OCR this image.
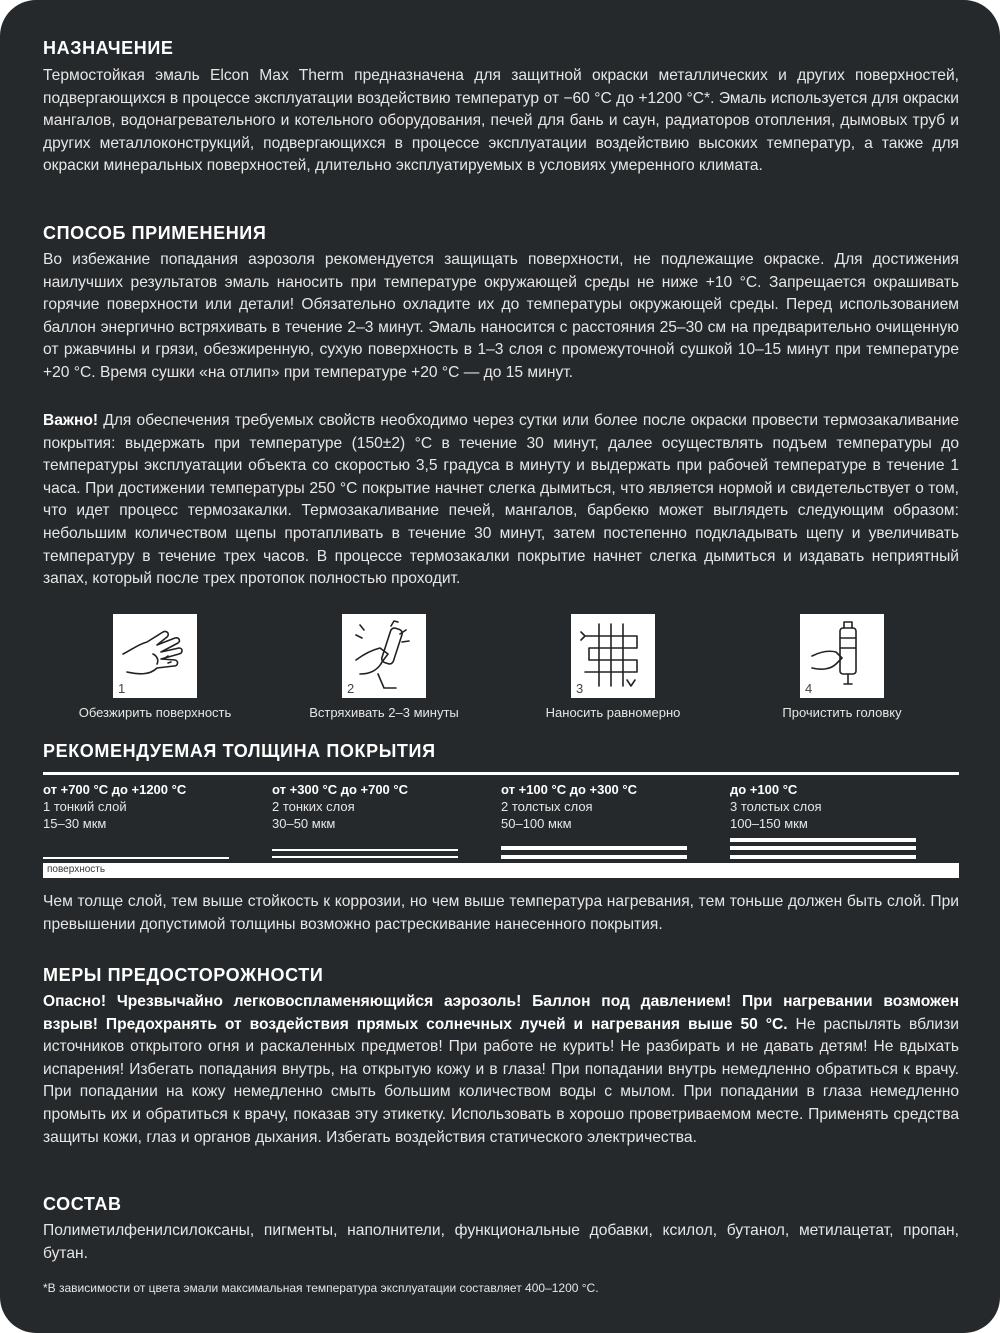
НАЗНАЧЕНИЕ

Термостойкая эмаль Elcon Max Therm предназначена для защитной окраски металлических и других поверхностей, подвергающихся в процессе эксплуатации воздействию температур от −60 °C до +1200 °C*. Эмаль используется для окраски мангалов, водонагревательного и котельного оборудования, печей для бань и саун, радиаторов отопления, дымовых труб и других металлоконструкций, подвергающихся в процессе эксплуатации воздействию высоких температур, а также для окраски минеральных поверхностей, длительно эксплуатируемых в условиях умеренного климата.

СПОСОБ ПРИМЕНЕНИЯ

Во избежание попадания аэрозоля рекомендуется защищать поверхности, не подлежащие окраске. Для достижения наилучших результатов эмаль наносить при температуре окружающей среды не ниже +10 °C. Запрещается окрашивать горячие поверхности или детали! Обязательно охладите их до температуры окружающей среды. Перед использованием баллон энергично встряхивать в течение 2–3 минут. Эмаль наносится с расстояния 25–30 см на предварительно очищенную от ржавчины и грязи, обезжиренную, сухую поверхность в 1–3 слоя с промежуточной сушкой 10–15 минут при температуре +20 °C. Время сушки «на отлип» при температуре +20 °C — до 15 минут.

Важно! Для обеспечения требуемых свойств необходимо через сутки или более после окраски провести термозакаливание покрытия: выдержать при температуре (150±2) °C в течение 30 минут, далее осуществлять подъем температуры до температуры эксплуатации объекта со скоростью 3,5 градуса в минуту и выдержать при рабочей температуре в течение 1 часа. При достижении температуры 250 °C покрытие начнет слегка дымиться, что является нормой и свидетельствует о том, что идет процесс термозакалки. Термозакаливание печей, мангалов, барбекю может выглядеть следующим образом: небольшим количеством щепы протапливать в течение 30 минут, затем постепенно подкладывать щепу и увеличивать температуру в течение трех часов. В процессе термозакалки покрытие начнет слегка дымиться и издавать неприятный запах, который после трех протопок полностью проходит.

1	2	3	4
Обезжирить поверхность	Встряхивать 2–3 минуты	Наносить равномерно	Прочистить головку
РЕКОМЕНДУЕМАЯ ТОЛЩИНА ПОКРЫТИЯ
от +700 °C до +1200 °C
1 тонкий слой
15–30 мкм
от +300 °C до +700 °C
2 тонких слоя
30–50 мкм
от +100 °C до +300 °C
2 толстых слоя
50–100 мкм
до +100 °C
3 толстых слоя
100–150 мкм
поверхность

Чем толще слой, тем выше стойкость к коррозии, но чем выше температура нагревания, тем тоньше должен быть слой. При превышении допустимой толщины возможно растрескивание нанесенного покрытия.

МЕРЫ ПРЕДОСТОРОЖНОСТИ

Опасно! Чрезвычайно легковоспламеняющийся аэрозоль! Баллон под давлением! При нагревании возможен взрыв! Предохранять от воздействия прямых солнечных лучей и нагревания выше 50 °C. Не распылять вблизи источников открытого огня и раскаленных предметов! При работе не курить! Не разбирать и не давать детям! Не вдыхать испарения! Избегать попадания внутрь, на открытую кожу и в глаза! При попадании внутрь немедленно обратиться к врачу. При попадании на кожу немедленно смыть большим количеством воды с мылом. При попадании в глаза немедленно промыть их и обратиться к врачу, показав эту этикетку. Использовать в хорошо проветриваемом месте. Применять средства защиты кожи, глаз и органов дыхания. Избегать воздействия статического электричества.

СОСТАВ

Полиметилфенилсилоксаны, пигменты, наполнители, функциональные добавки, ксилол, бутанол, метилацетат, пропан, бутан.

*В зависимости от цвета эмали максимальная температура эксплуатации составляет 400–1200 °C.
